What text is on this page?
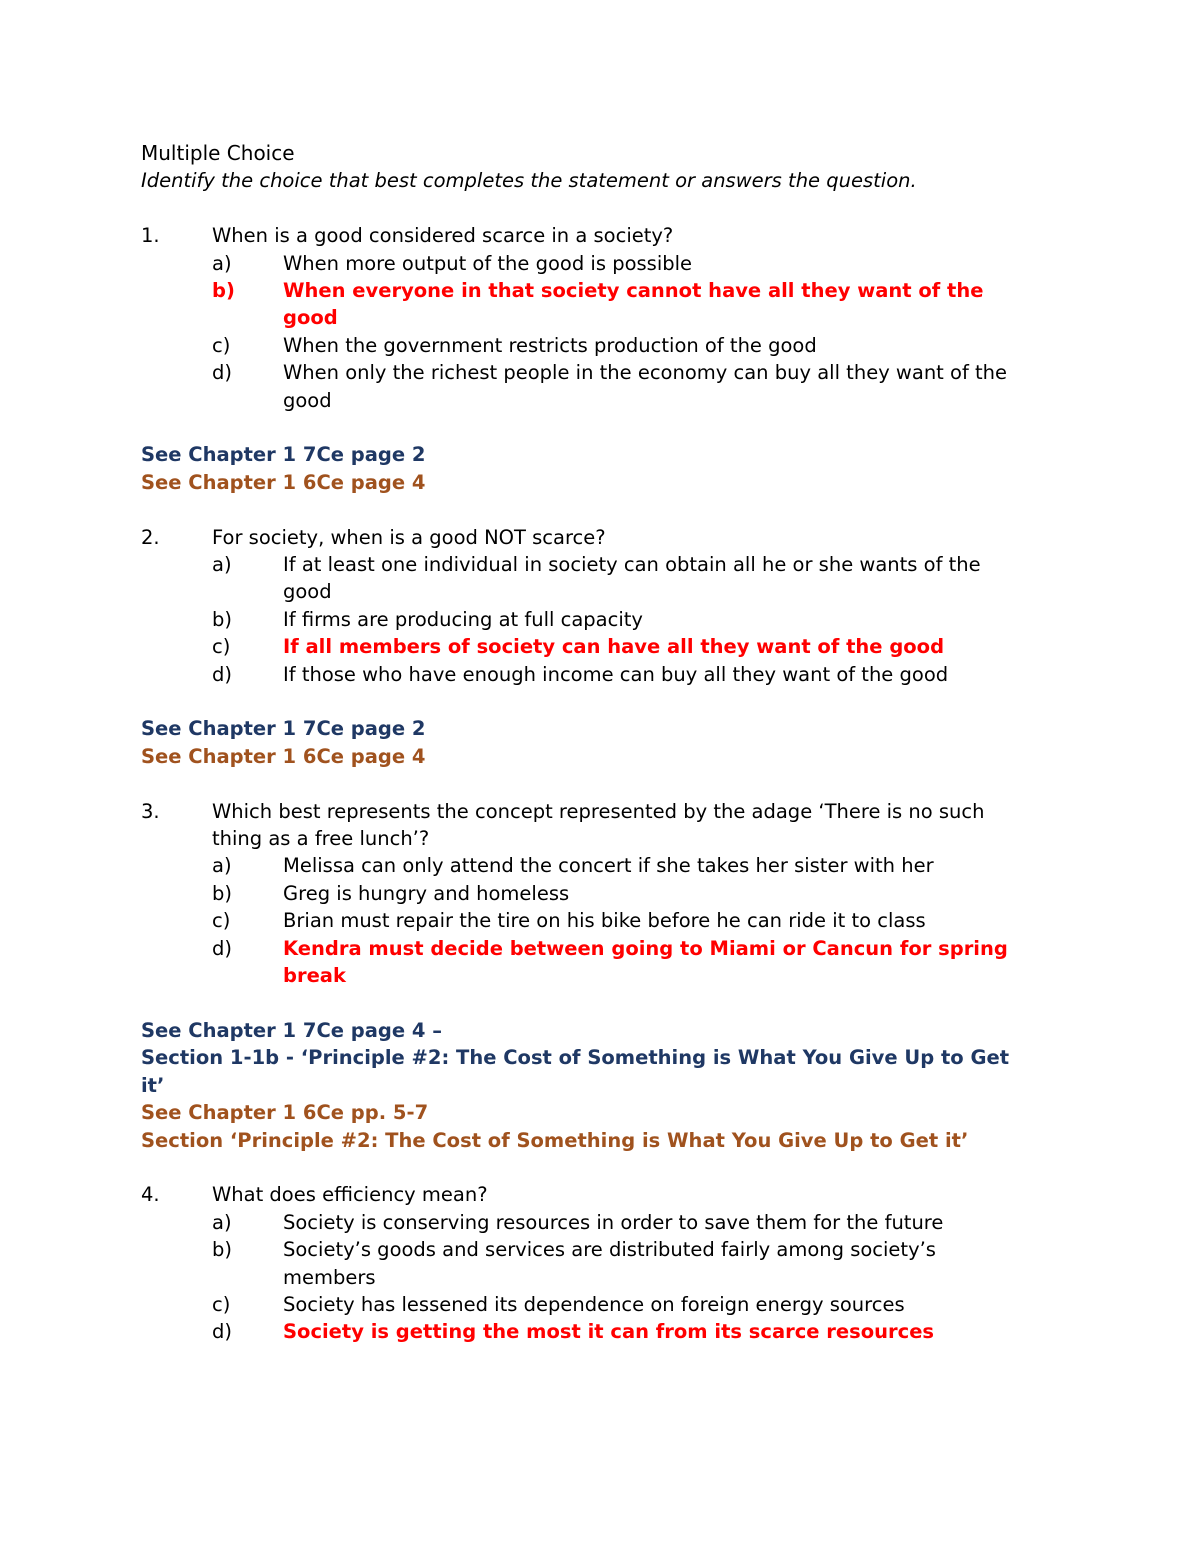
Multiple Choice
Identify the choice that best completes the statement or answers the question.
1.	When is a good considered scarce in a society?
a)	When more output of the good is possible
b)	When everyone in that society cannot have all they want of the good
c)	When the government restricts production of the good
d)	When only the richest people in the economy can buy all they want of the good
See Chapter 1 7Ce page 2
See Chapter 1 6Ce page 4
2.	For society, when is a good NOT scarce?
a)	If at least one individual in society can obtain all he or she wants of the good
b)	If firms are producing at full capacity
c)	If all members of society can have all they want of the good
d)	If those who have enough income can buy all they want of the good
See Chapter 1 7Ce page 2
See Chapter 1 6Ce page 4
3.	Which best represents the concept represented by the adage ‘There is no such thing as a free lunch’?
a)	Melissa can only attend the concert if she takes her sister with her
b)	Greg is hungry and homeless
c)	Brian must repair the tire on his bike before he can ride it to class
d)	Kendra must decide between going to Miami or Cancun for spring break
See Chapter 1 7Ce page 4 –
Section 1-1b - ‘Principle #2: The Cost of Something is What You Give Up to Get it’
See Chapter 1 6Ce pp. 5-7
Section ‘Principle #2: The Cost of Something is What You Give Up to Get it’
4.	What does efficiency mean?
a)	Society is conserving resources in order to save them for the future
b)	Society’s goods and services are distributed fairly among society’s members
c)	Society has lessened its dependence on foreign energy sources
d)	Society is getting the most it can from its scarce resources
